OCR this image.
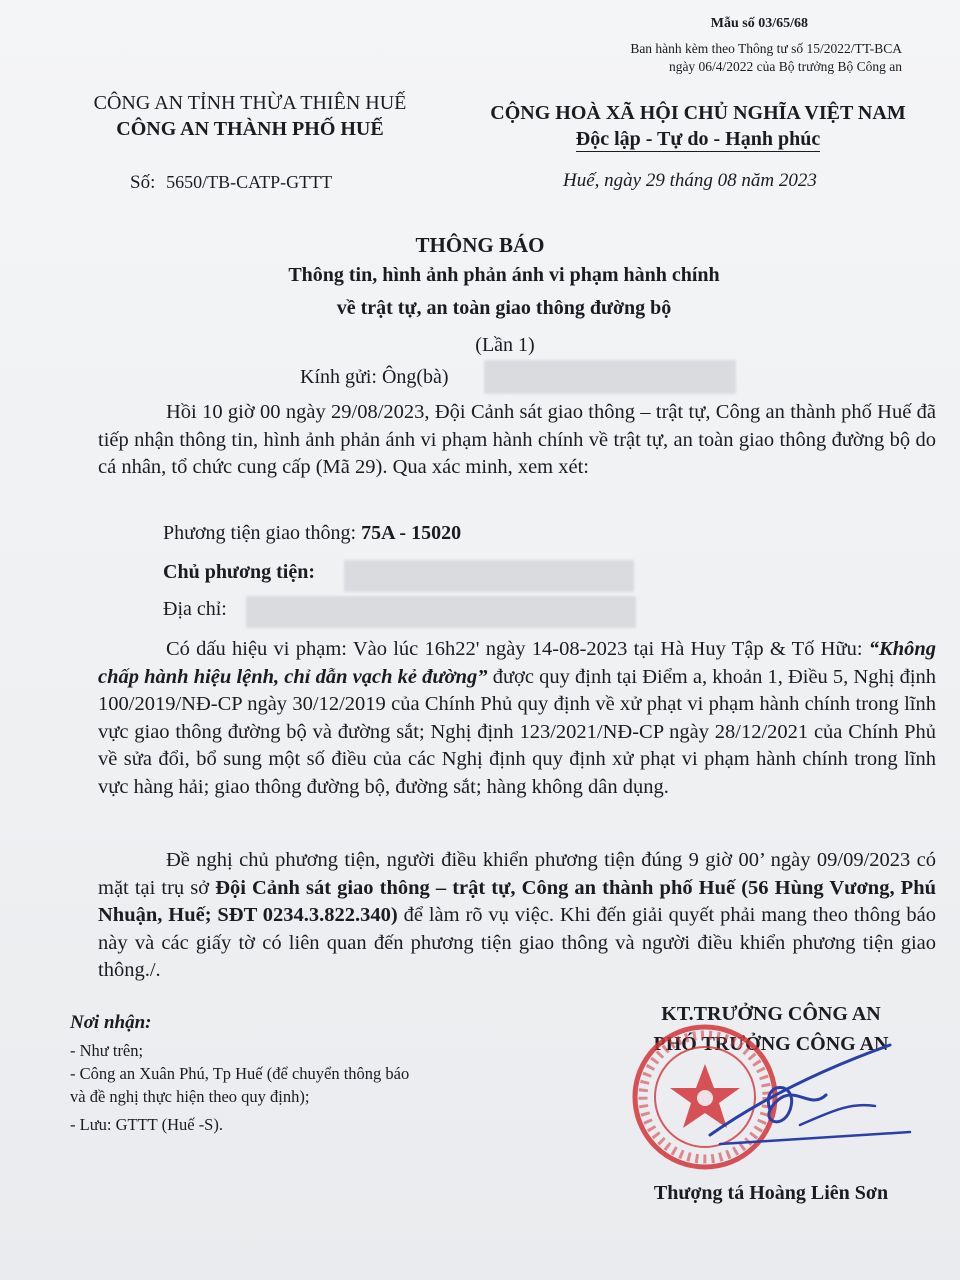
Mẫu số 03/65/68
Ban hành kèm theo Thông tư số 15/2022/TT-BCA
ngày 06/4/2022 của Bộ trưởng Bộ Công an
CÔNG AN TỈNH THỪA THIÊN HUẾ
CÔNG AN THÀNH PHỐ HUẾ
CỘNG HOÀ XÃ HỘI CHỦ NGHĨA VIỆT NAM
Độc lập - Tự do - Hạnh phúc
Số: 5650/TB-CATP-GTTT	Huế, ngày 29 tháng 08 năm 2023
THÔNG BÁO
Thông tin, hình ảnh phản ánh vi phạm hành chính
về trật tự, an toàn giao thông đường bộ
(Lần 1)
Kính gửi: Ông(bà)
Hồi 10 giờ 00 ngày 29/08/2023, Đội Cảnh sát giao thông – trật tự, Công an thành phố Huế đã tiếp nhận thông tin, hình ảnh phản ánh vi phạm hành chính về trật tự, an toàn giao thông đường bộ do cá nhân, tổ chức cung cấp (Mã 29). Qua xác minh, xem xét:
Phương tiện giao thông: 75A - 15020
Chủ phương tiện:
Địa chỉ:
Có dấu hiệu vi phạm: Vào lúc 16h22' ngày 14-08-2023 tại Hà Huy Tập & Tố Hữu: “Không chấp hành hiệu lệnh, chỉ dẫn vạch kẻ đường” được quy định tại Điểm a, khoản 1, Điều 5, Nghị định 100/2019/NĐ-CP ngày 30/12/2019 của Chính Phủ quy định về xử phạt vi phạm hành chính trong lĩnh vực giao thông đường bộ và đường sắt; Nghị định 123/2021/NĐ-CP ngày 28/12/2021 của Chính Phủ về sửa đổi, bổ sung một số điều của các Nghị định quy định xử phạt vi phạm hành chính trong lĩnh vực hàng hải; giao thông đường bộ, đường sắt; hàng không dân dụng.
Đề nghị chủ phương tiện, người điều khiển phương tiện đúng 9 giờ 00’ ngày 09/09/2023 có mặt tại trụ sở Đội Cảnh sát giao thông – trật tự, Công an thành phố Huế (56 Hùng Vương, Phú Nhuận, Huế; SĐT 0234.3.822.340) để làm rõ vụ việc. Khi đến giải quyết phải mang theo thông báo này và các giấy tờ có liên quan đến phương tiện giao thông và người điều khiển phương tiện giao thông./.
Nơi nhận:
- Như trên;
- Công an Xuân Phú, Tp Huế (để chuyển thông báo
và đề nghị thực hiện theo quy định);
- Lưu: GTTT (Huế -S).
KT.TRƯỞNG CÔNG AN
PHÓ TRƯỞNG CÔNG AN
Thượng tá Hoàng Liên Sơn
